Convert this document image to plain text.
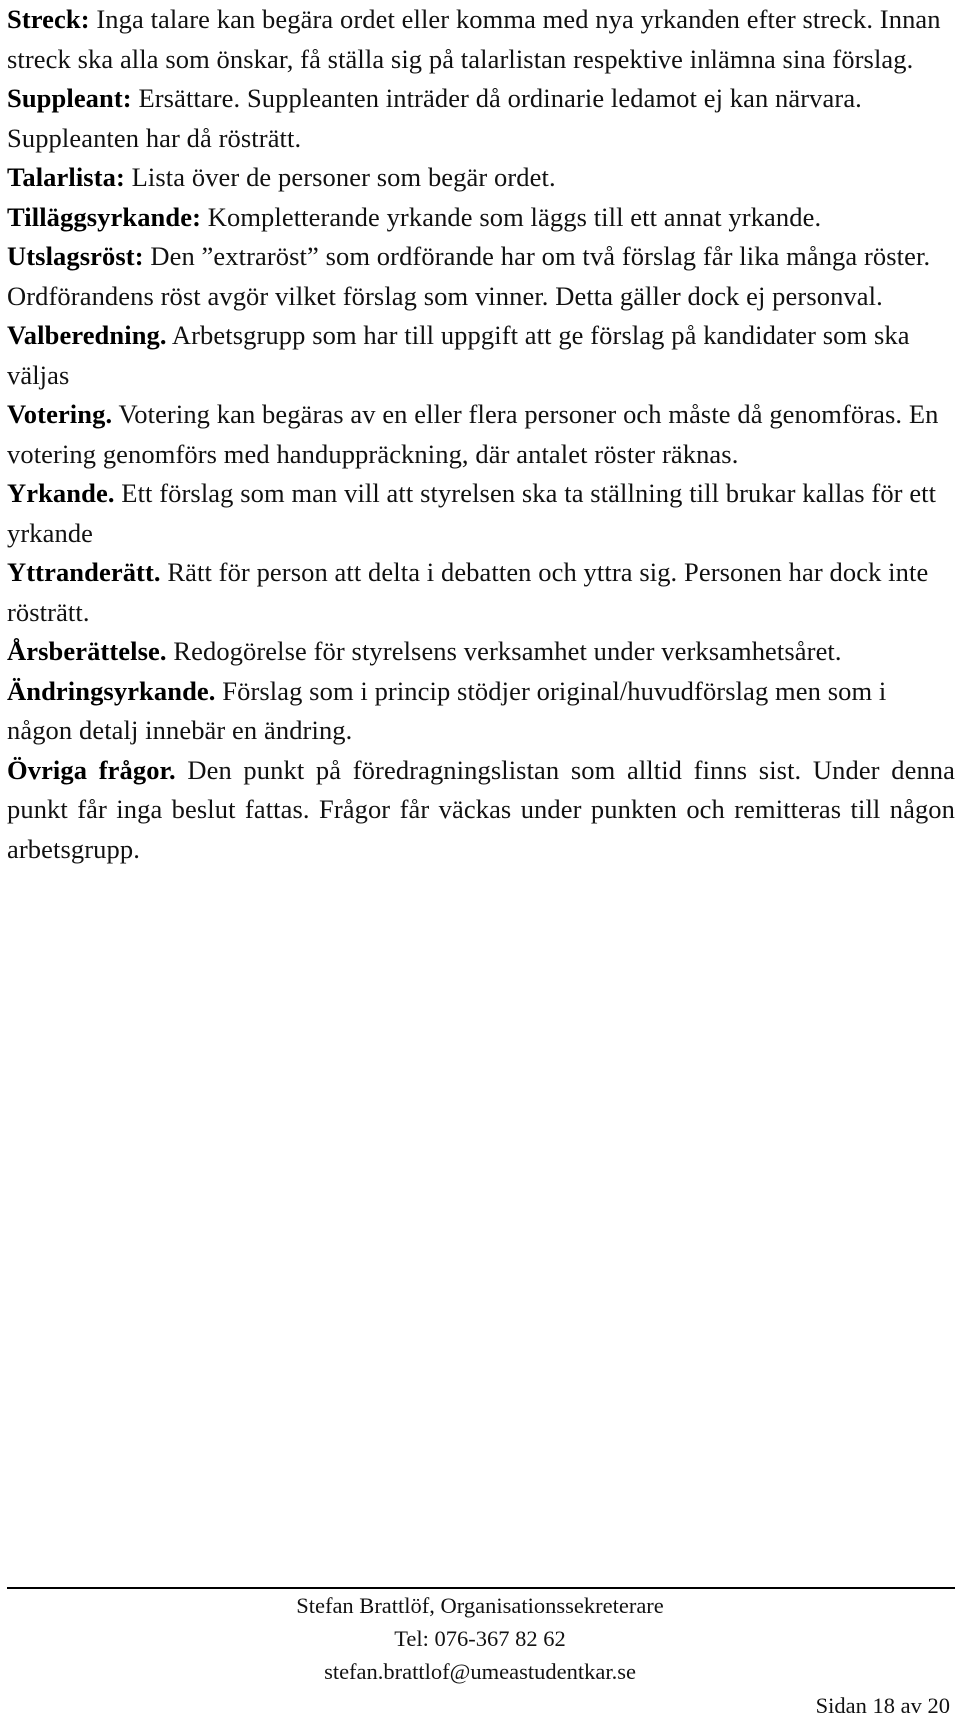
Streck: Inga talare kan begära ordet eller komma med nya yrkanden efter streck. Innan streck ska alla som önskar, få ställa sig på talarlistan respektive inlämna sina förslag.

Suppleant: Ersättare. Suppleanten inträder då ordinarie ledamot ej kan närvara. Suppleanten har då rösträtt.

Talarlista: Lista över de personer som begär ordet.

Tilläggsyrkande: Kompletterande yrkande som läggs till ett annat yrkande.

Utslagsröst: Den ”extraröst” som ordförande har om två förslag får lika många röster. Ordförandens röst avgör vilket förslag som vinner. Detta gäller dock ej personval.

Valberedning. Arbetsgrupp som har till uppgift att ge förslag på kandidater som ska väljas

Votering. Votering kan begäras av en eller flera personer och måste då genomföras. En votering genomförs med handuppräckning, där antalet röster räknas.

Yrkande. Ett förslag som man vill att styrelsen ska ta ställning till brukar kallas för ett yrkande

Yttranderätt. Rätt för person att delta i debatten och yttra sig. Personen har dock inte rösträtt.

Årsberättelse. Redogörelse för styrelsens verksamhet under verksamhetsåret.

Ändringsyrkande. Förslag som i princip stödjer original/huvudförslag men som i någon detalj innebär en ändring.

Övriga frågor. Den punkt på föredragningslistan som alltid finns sist. Under denna punkt får inga beslut fattas. Frågor får väckas under punkten och remitteras till någon arbetsgrupp.

Stefan Brattlöf, Organisationssekreterare
Tel: 076-367 82 62
stefan.brattlof@umeastudentkar.se
Sidan 18 av 20
